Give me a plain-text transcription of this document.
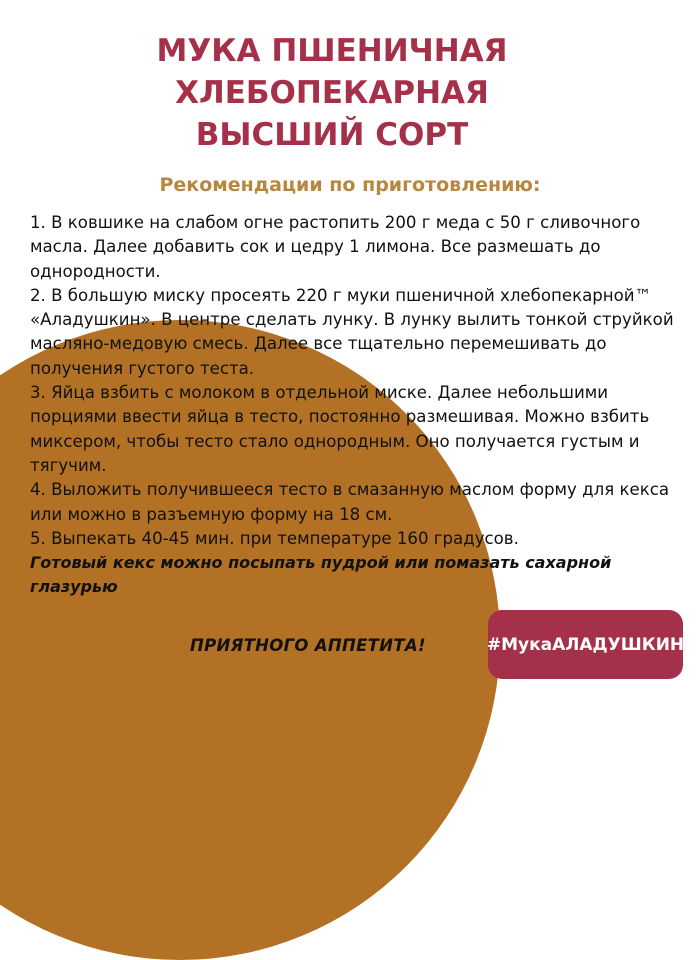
МУКА ПШЕНИЧНАЯ
ХЛЕБОПЕКАРНАЯ
ВЫСШИЙ СОРТ
Рекомендации по приготовлению:

1. В ковшике на слабом огне растопить 200 г меда с 50 г сливочного масла. Далее добавить сок и цедру 1 лимона. Все размешать до однородности.

2. В большую миску просеять 220 г муки пшеничной хлебопекарной™ «Аладушкин». В центре сделать лунку. В лунку вылить тонкой струйкой масляно-медовую смесь. Далее все тщательно перемешивать до получения густого теста.

3. Яйца взбить с молоком в отдельной миске. Далее небольшими порциями ввести яйца в тесто, постоянно размешивая. Можно взбить миксером, чтобы тесто стало однородным. Оно получается густым и тягучим.

4. Выложить получившееся тесто в смазанную маслом форму для кекса или можно в разъемную форму на 18 см.

5. Выпекать 40-45 мин. при температуре 160 градусов.

Готовый кекс можно посыпать пудрой или помазать сахарной глазурью

ПРИЯТНОГО АППЕТИТА!	#МукаАЛАДУШКИН
